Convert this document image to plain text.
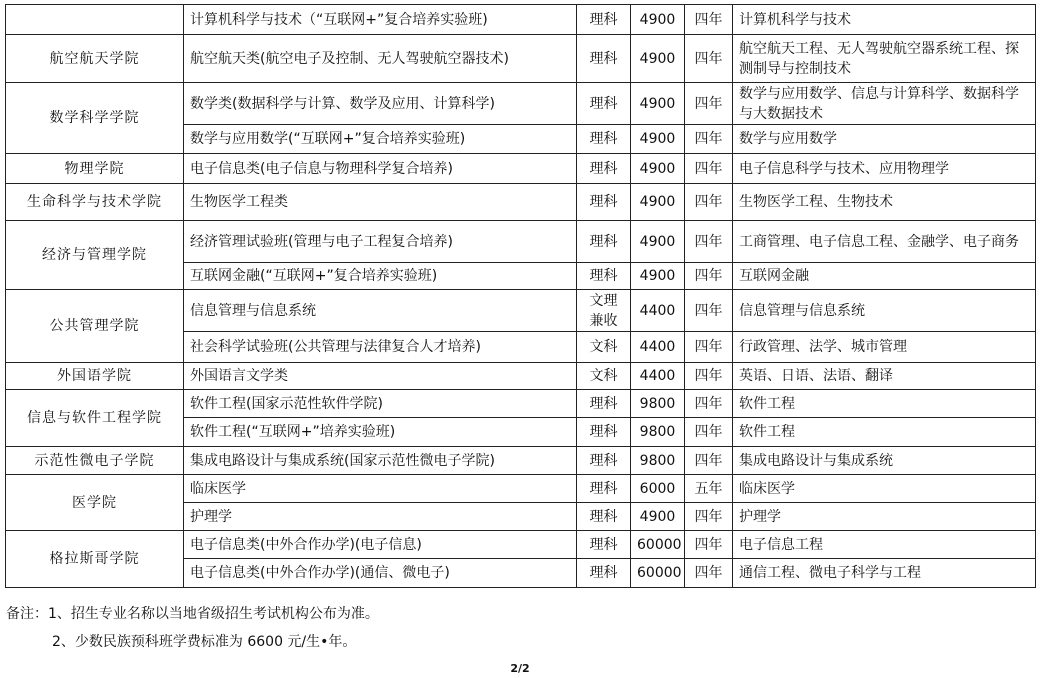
	计算机科学与技术（“互联网+”复合培养实验班)	理科	4900	四年	计算机科学与技术
航空航天学院	航空航天类(航空电子及控制、无人驾驶航空器技术)	理科	4900	四年	航空航天工程、无人驾驶航空器系统工程、探测制导与控制技术
数学科学学院	数学类(数据科学与计算、数学及应用、计算科学)	理科	4900	四年	数学与应用数学、信息与计算科学、数据科学与大数据技术
	数学与应用数学(“互联网+”复合培养实验班)	理科	4900	四年	数学与应用数学
物理学院	电子信息类(电子信息与物理科学复合培养)	理科	4900	四年	电子信息科学与技术、应用物理学
生命科学与技术学院	生物医学工程类	理科	4900	四年	生物医学工程、生物技术
经济与管理学院	经济管理试验班(管理与电子工程复合培养)	理科	4900	四年	工商管理、电子信息工程、金融学、电子商务
	互联网金融(“互联网+”复合培养实验班)	理科	4900	四年	互联网金融
公共管理学院	信息管理与信息系统	文理兼收	4400	四年	信息管理与信息系统
	社会科学试验班(公共管理与法律复合人才培养)	文科	4400	四年	行政管理、法学、城市管理
外国语学院	外国语言文学类	文科	4400	四年	英语、日语、法语、翻译
信息与软件工程学院	软件工程(国家示范性软件学院)	理科	9800	四年	软件工程
	软件工程(“互联网+”培养实验班)	理科	9800	四年	软件工程
示范性微电子学院	集成电路设计与集成系统(国家示范性微电子学院)	理科	9800	四年	集成电路设计与集成系统
医学院	临床医学	理科	6000	五年	临床医学
	护理学	理科	4900	四年	护理学
格拉斯哥学院	电子信息类(中外合作办学)(电子信息)	理科	60000	四年	电子信息工程
	电子信息类(中外合作办学)(通信、微电子)	理科	60000	四年	通信工程、微电子科学与工程
备注：1、招生专业名称以当地省级招生考试机构公布为准。
2、少数民族预科班学费标准为 6600 元/生•年。
2/2
